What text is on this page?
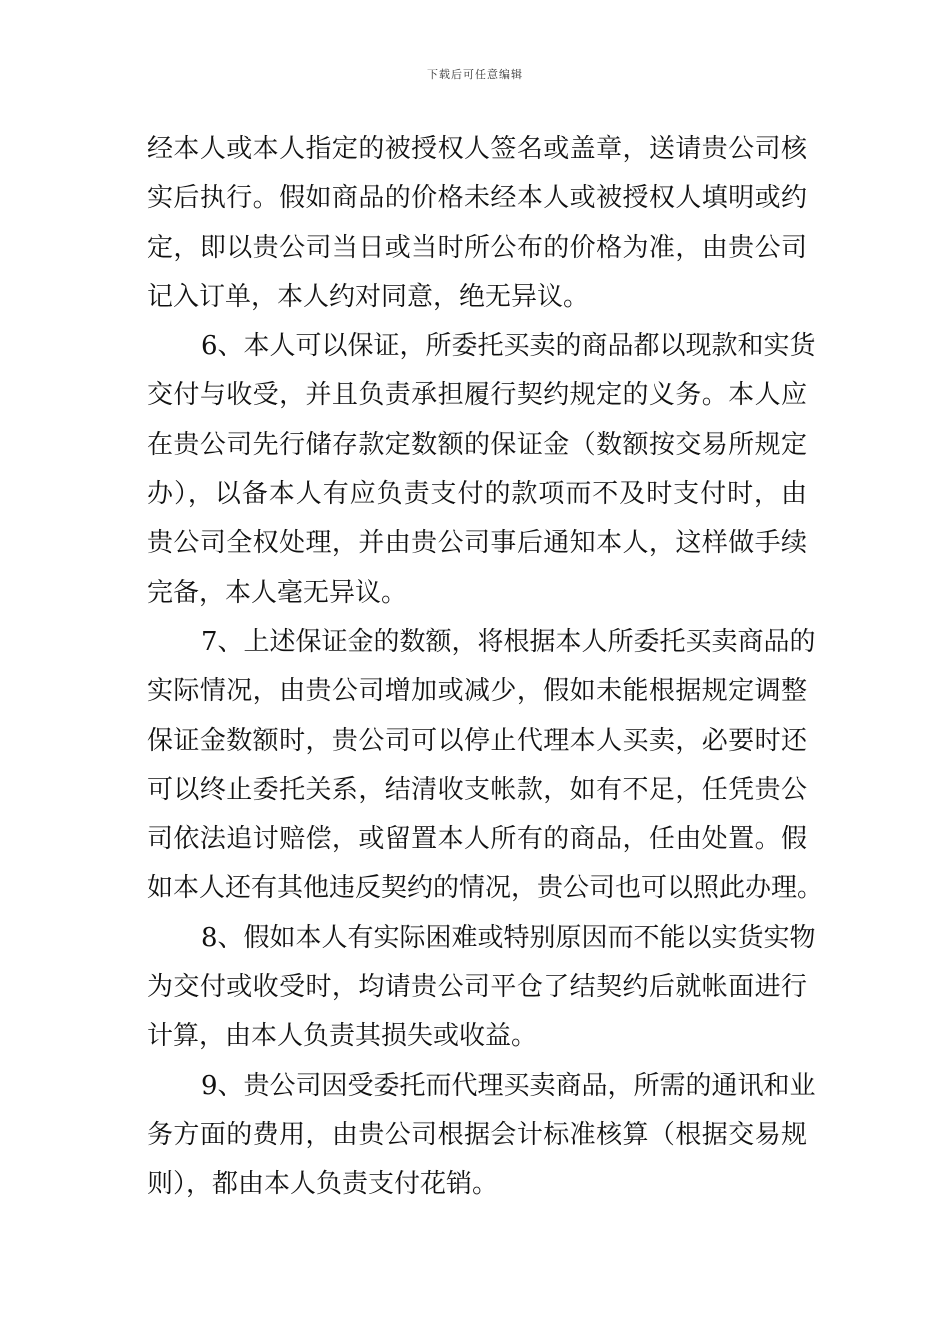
下载后可任意编辑
经本人或本人指定的被授权人签名或盖章，送请贵公司核
实后执行。假如商品的价格未经本人或被授权人填明或约
定，即以贵公司当日或当时所公布的价格为准，由贵公司
记入订单，本人约对同意，绝无异议。
6、本人可以保证，所委托买卖的商品都以现款和实货
交付与收受，并且负责承担履行契约规定的义务。本人应
在贵公司先行储存款定数额的保证金（数额按交易所规定
办），以备本人有应负责支付的款项而不及时支付时，由
贵公司全权处理，并由贵公司事后通知本人，这样做手续
完备，本人毫无异议。
7、上述保证金的数额，将根据本人所委托买卖商品的
实际情况，由贵公司增加或减少，假如未能根据规定调整
保证金数额时，贵公司可以停止代理本人买卖，必要时还
可以终止委托关系，结清收支帐款，如有不足，任凭贵公
司依法追讨赔偿，或留置本人所有的商品，任由处置。假
如本人还有其他违反契约的情况，贵公司也可以照此办理。
8、假如本人有实际困难或特别原因而不能以实货实物
为交付或收受时，均请贵公司平仓了结契约后就帐面进行
计算，由本人负责其损失或收益。
9、贵公司因受委托而代理买卖商品，所需的通讯和业
务方面的费用，由贵公司根据会计标准核算（根据交易规
则），都由本人负责支付花销。
